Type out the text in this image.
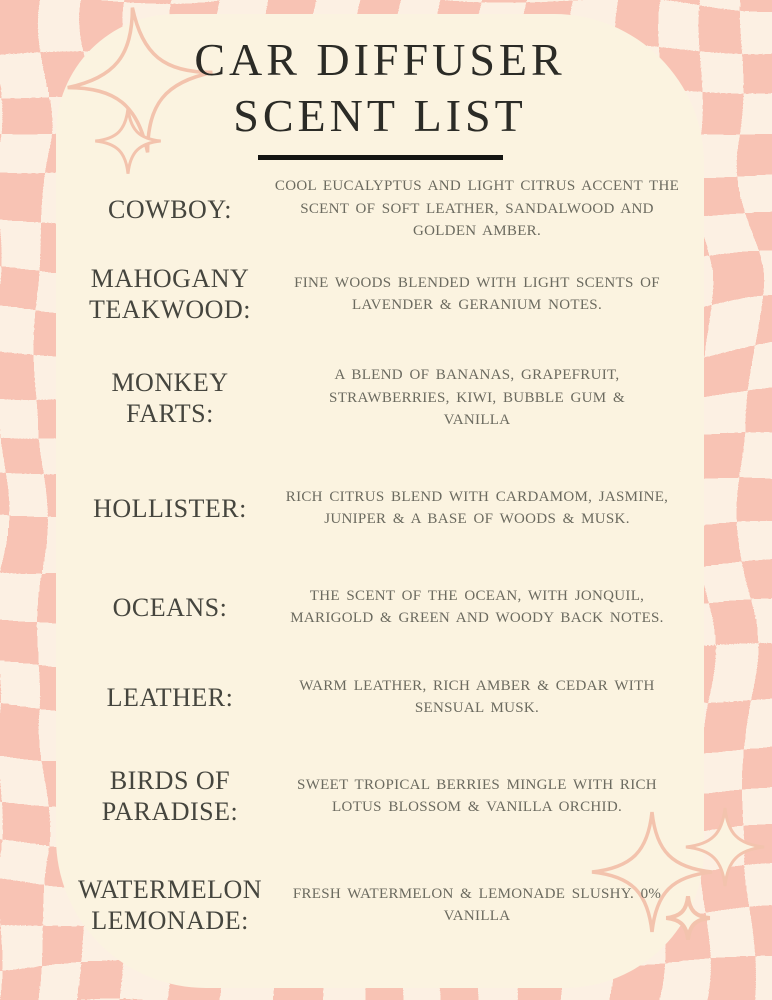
CAR DIFFUSER
SCENT LIST
COWBOY:
COOL EUCALYPTUS AND LIGHT CITRUS ACCENT THE SCENT OF SOFT LEATHER, SANDALWOOD AND GOLDEN AMBER.
MAHOGANY TEAKWOOD:
FINE WOODS BLENDED WITH LIGHT SCENTS OF LAVENDER & GERANIUM NOTES.
MONKEY FARTS:
A BLEND OF BANANAS, GRAPEFRUIT, STRAWBERRIES, KIWI, BUBBLE GUM & VANILLA
HOLLISTER:	RICH CITRUS BLEND WITH CARDAMOM, JASMINE, JUNIPER & A BASE OF WOODS & MUSK.
OCEANS:	THE SCENT OF THE OCEAN, WITH JONQUIL, MARIGOLD & GREEN AND WOODY BACK NOTES.
LEATHER:	WARM LEATHER, RICH AMBER & CEDAR WITH SENSUAL MUSK.
BIRDS OF PARADISE:
SWEET TROPICAL BERRIES MINGLE WITH RICH LOTUS BLOSSOM & VANILLA ORCHID.
WATERMELON LEMONADE:
FRESH WATERMELON & LEMONADE SLUSHY. 0% VANILLA
